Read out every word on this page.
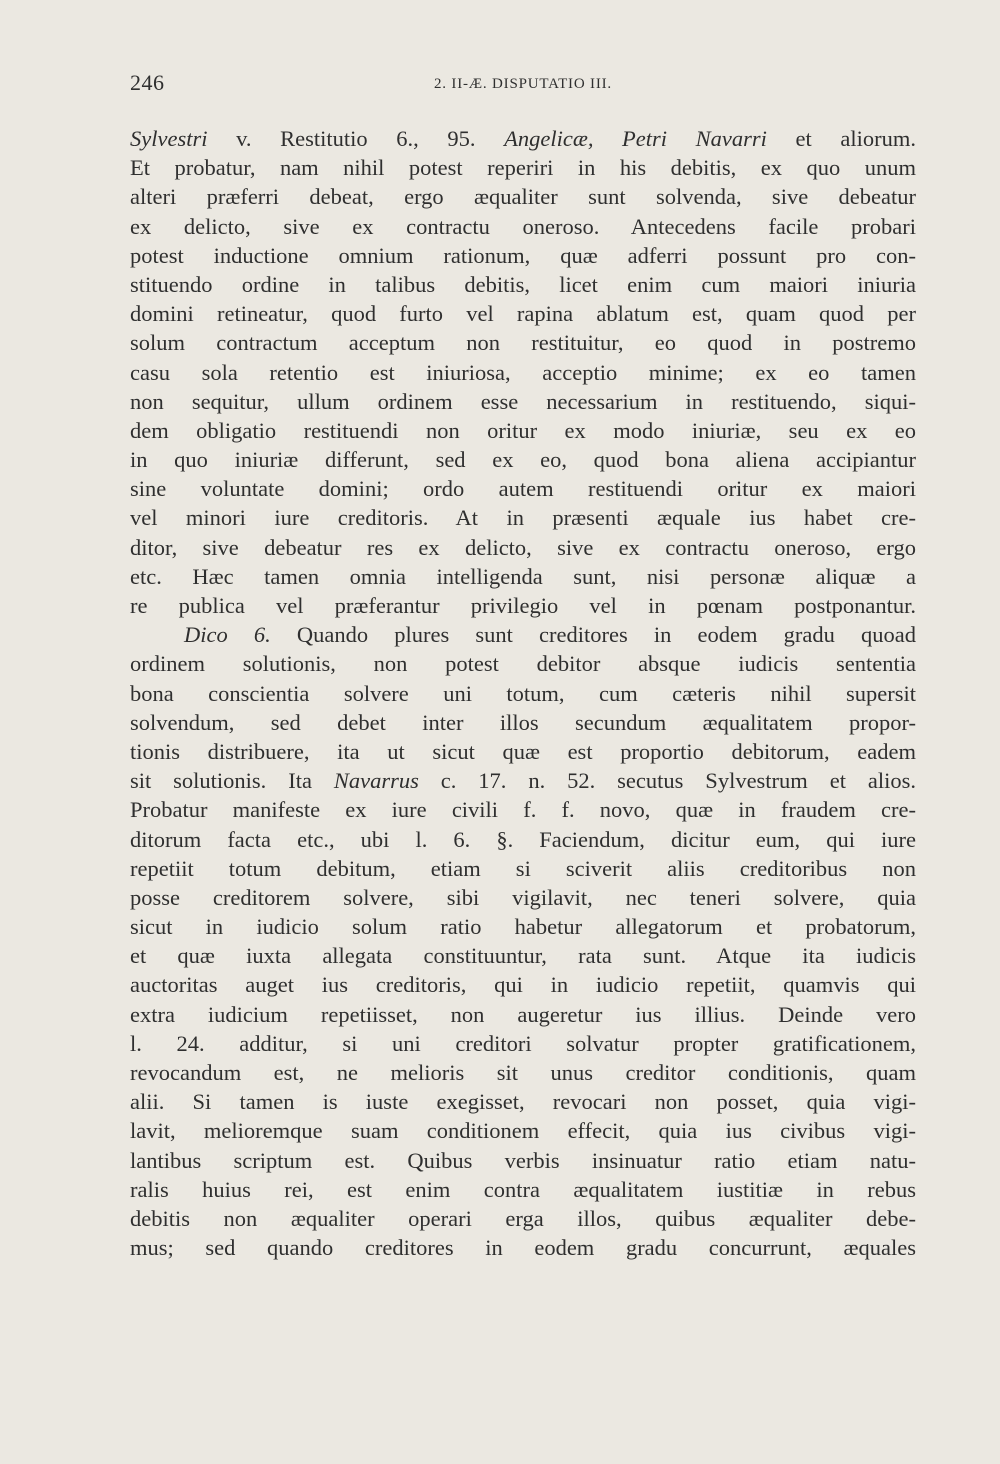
246	2. II-Æ. DISPUTATIO III.
Sylvestri v. Restitutio 6., 95. Angelicæ, Petri Navarri et aliorum.
Et probatur, nam nihil potest reperiri in his debitis, ex quo unum
alteri præferri debeat, ergo æqualiter sunt solvenda, sive debeatur
ex delicto, sive ex contractu oneroso. Antecedens facile probari
potest inductione omnium rationum, quæ adferri possunt pro con-
stituendo ordine in talibus debitis, licet enim cum maiori iniuria
domini retineatur, quod furto vel rapina ablatum est, quam quod per
solum contractum acceptum non restituitur, eo quod in postremo
casu sola retentio est iniuriosa, acceptio minime; ex eo tamen
non sequitur, ullum ordinem esse necessarium in restituendo, siqui-
dem obligatio restituendi non oritur ex modo iniuriæ, seu ex eo
in quo iniuriæ differunt, sed ex eo, quod bona aliena accipiantur
sine voluntate domini; ordo autem restituendi oritur ex maiori
vel minori iure creditoris. At in præsenti æquale ius habet cre-
ditor, sive debeatur res ex delicto, sive ex contractu oneroso, ergo
etc. Hæc tamen omnia intelligenda sunt, nisi personæ aliquæ a
re publica vel præferantur privilegio vel in pœnam postponantur.
Dico 6. Quando plures sunt creditores in eodem gradu quoad
ordinem solutionis, non potest debitor absque iudicis sententia
bona conscientia solvere uni totum, cum cæteris nihil supersit
solvendum, sed debet inter illos secundum æqualitatem propor-
tionis distribuere, ita ut sicut quæ est proportio debitorum, eadem
sit solutionis. Ita Navarrus c. 17. n. 52. secutus Sylvestrum et alios.
Probatur manifeste ex iure civili f. f. novo, quæ in fraudem cre-
ditorum facta etc., ubi l. 6. §. Faciendum, dicitur eum, qui iure
repetiit totum debitum, etiam si sciverit aliis creditoribus non
posse creditorem solvere, sibi vigilavit, nec teneri solvere, quia
sicut in iudicio solum ratio habetur allegatorum et probatorum,
et quæ iuxta allegata constituuntur, rata sunt. Atque ita iudicis
auctoritas auget ius creditoris, qui in iudicio repetiit, quamvis qui
extra iudicium repetiisset, non augeretur ius illius. Deinde vero
l. 24. additur, si uni creditori solvatur propter gratificationem,
revocandum est, ne melioris sit unus creditor conditionis, quam
alii. Si tamen is iuste exegisset, revocari non posset, quia vigi-
lavit, melioremque suam conditionem effecit, quia ius civibus vigi-
lantibus scriptum est. Quibus verbis insinuatur ratio etiam natu-
ralis huius rei, est enim contra æqualitatem iustitiæ in rebus
debitis non æqualiter operari erga illos, quibus æqualiter debe-
mus; sed quando creditores in eodem gradu concurrunt, æquales
